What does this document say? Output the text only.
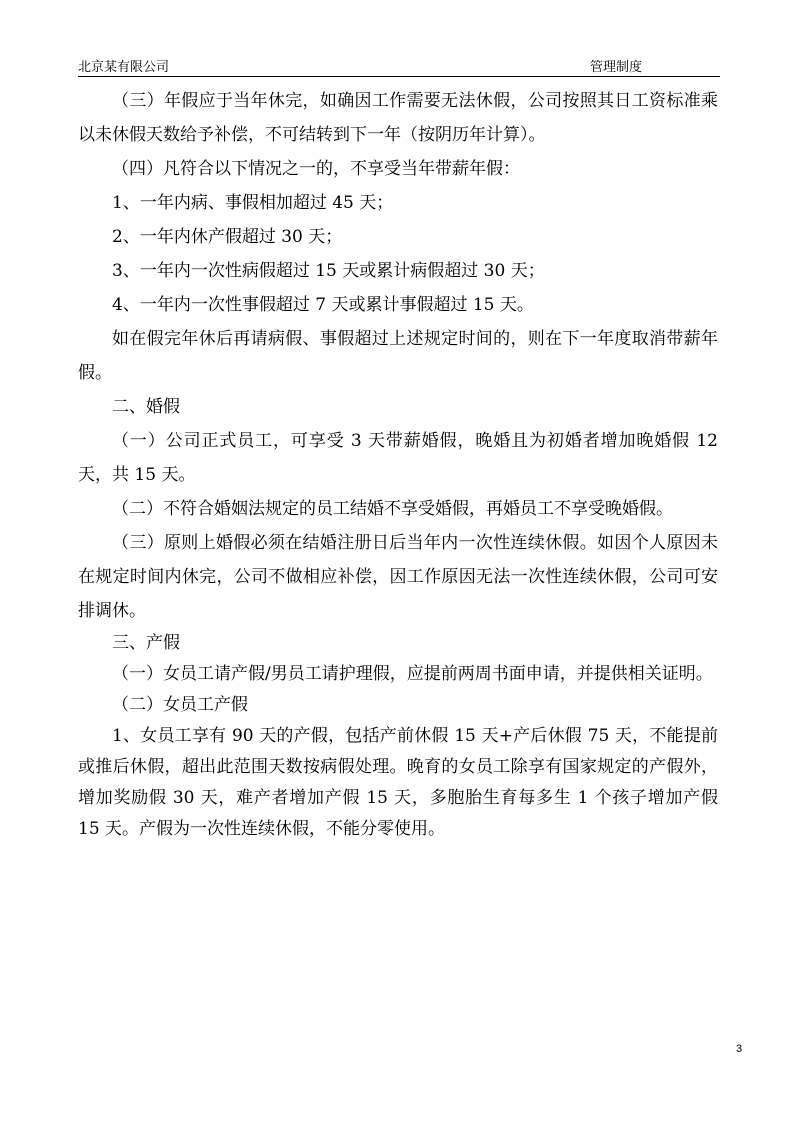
北京某有限公司	管理制度

（三）年假应于当年休完，如确因工作需要无法休假，公司按照其日工资标准乘以未休假天数给予补偿，不可结转到下一年（按阴历年计算）。

（四）凡符合以下情况之一的，不享受当年带薪年假：

1、一年内病、事假相加超过 45 天；

2、一年内休产假超过 30 天；

3、一年内一次性病假超过 15 天或累计病假超过 30 天；

4、一年内一次性事假超过 7 天或累计事假超过 15 天。

如在假完年休后再请病假、事假超过上述规定时间的，则在下一年度取消带薪年假。

二、婚假

（一）公司正式员工，可享受 3 天带薪婚假，晚婚且为初婚者增加晚婚假 12 天，共 15 天。

（二）不符合婚姻法规定的员工结婚不享受婚假，再婚员工不享受晚婚假。

（三）原则上婚假必须在结婚注册日后当年内一次性连续休假。如因个人原因未在规定时间内休完，公司不做相应补偿，因工作原因无法一次性连续休假，公司可安排调休。

三、产假

（一）女员工请产假/男员工请护理假，应提前两周书面申请，并提供相关证明。

（二）女员工产假

1、女员工享有 90 天的产假，包括产前休假 15 天+产后休假 75 天，不能提前或推后休假，超出此范围天数按病假处理。晚育的女员工除享有国家规定的产假外，增加奖励假 30 天，难产者增加产假 15 天，多胞胎生育每多生 1 个孩子增加产假 15 天。产假为一次性连续休假，不能分零使用。

3
